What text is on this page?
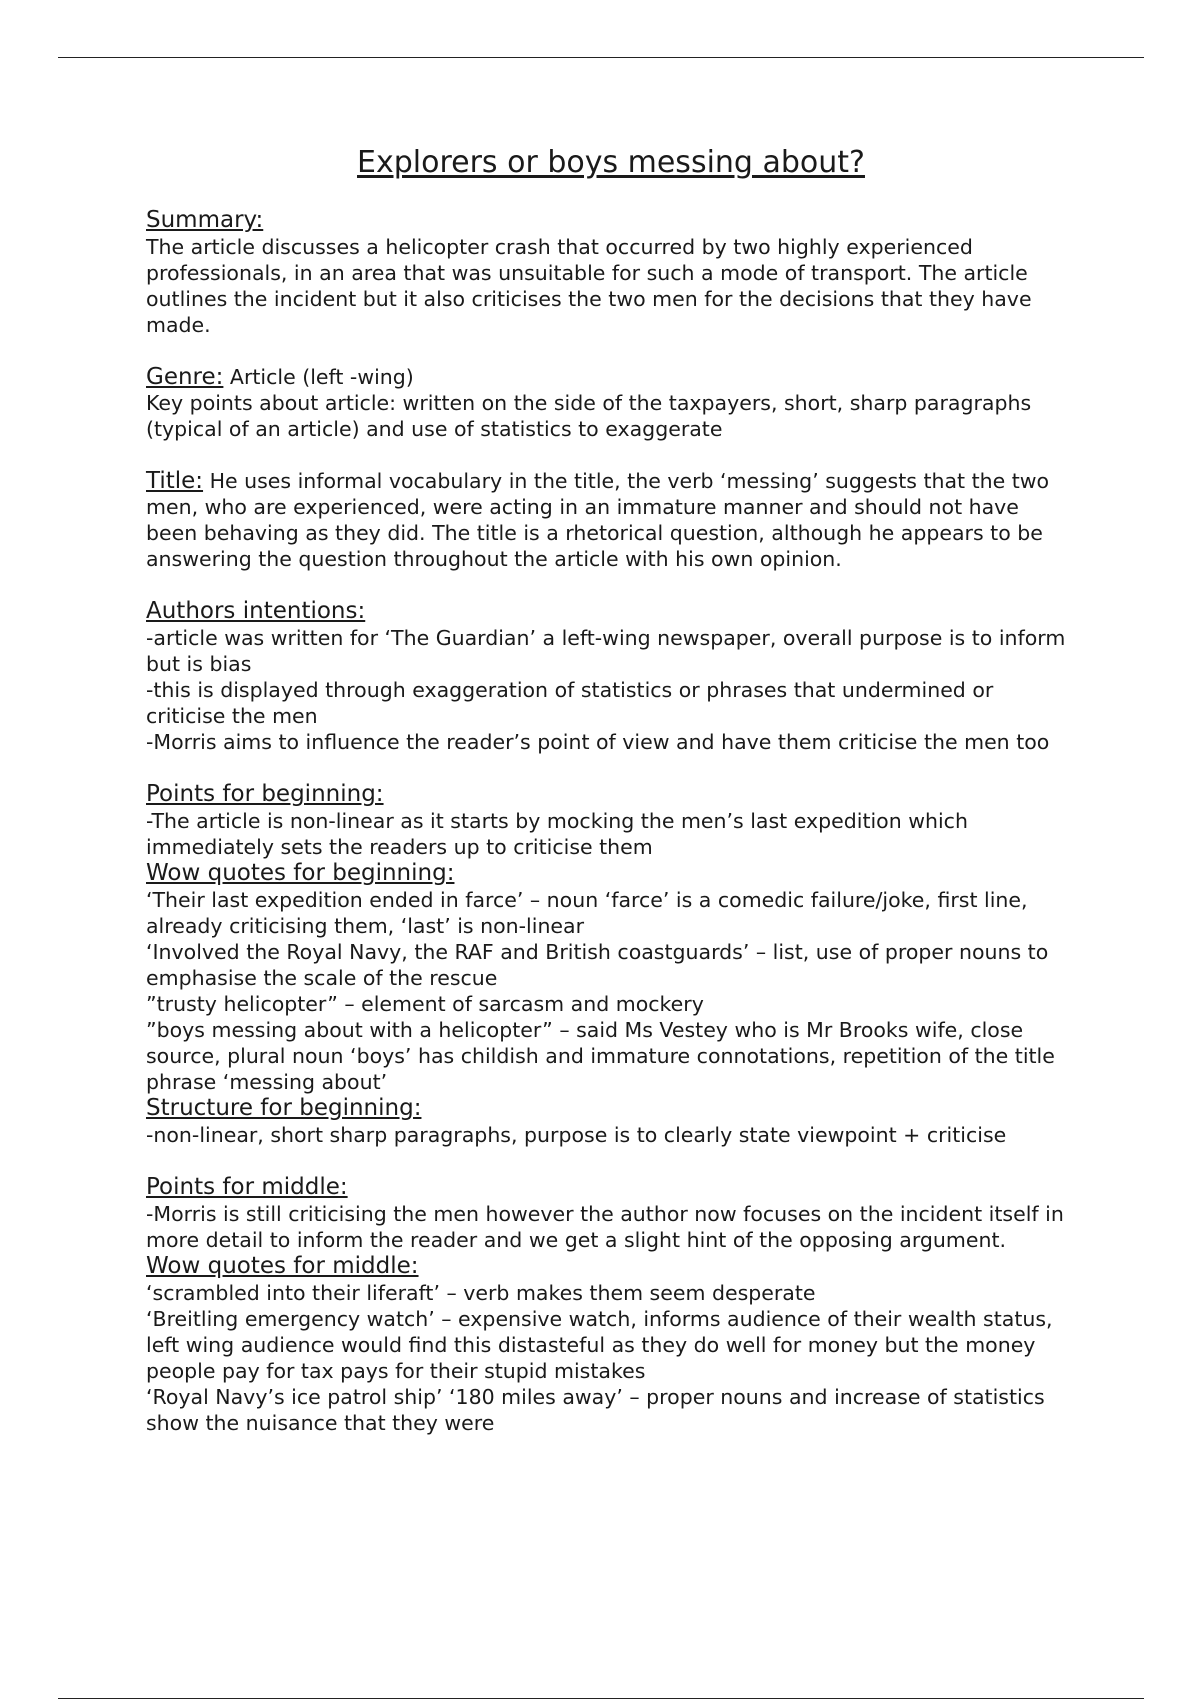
Explorers or boys messing about?
Summary:

The article discusses a helicopter crash that occurred by two highly experienced professionals, in an area that was unsuitable for such a mode of transport. The article outlines the incident but it also criticises the two men for the decisions that they have made.

Genre: Article (left -wing)

Key points about article: written on the side of the taxpayers, short, sharp paragraphs (typical of an article) and use of statistics to exaggerate

Title: He uses informal vocabulary in the title, the verb ‘messing’ suggests that the two men, who are experienced, were acting in an immature manner and should not have been behaving as they did. The title is a rhetorical question, although he appears to be answering the question throughout the article with his own opinion.

Authors intentions:

-article was written for ‘The Guardian’ a left-wing newspaper, overall purpose is to inform but is bias

-this is displayed through exaggeration of statistics or phrases that undermined or criticise the men

-Morris aims to influence the reader’s point of view and have them criticise the men too

Points for beginning:

-The article is non-linear as it starts by mocking the men’s last expedition which immediately sets the readers up to criticise them

Wow quotes for beginning:

‘Their last expedition ended in farce’ – noun ‘farce’ is a comedic failure/joke, first line, already criticising them, ‘last’ is non-linear

‘Involved the Royal Navy, the RAF and British coastguards’ – list, use of proper nouns to emphasise the scale of the rescue

”trusty helicopter” – element of sarcasm and mockery

”boys messing about with a helicopter” – said Ms Vestey who is Mr Brooks wife, close source, plural noun ‘boys’ has childish and immature connotations, repetition of the title phrase ‘messing about’

Structure for beginning:

-non-linear, short sharp paragraphs, purpose is to clearly state viewpoint + criticise

Points for middle:

-Morris is still criticising the men however the author now focuses on the incident itself in more detail to inform the reader and we get a slight hint of the opposing argument.

Wow quotes for middle:

‘scrambled into their liferaft’ – verb makes them seem desperate

‘Breitling emergency watch’ – expensive watch, informs audience of their wealth status, left wing audience would find this distasteful as they do well for money but the money people pay for tax pays for their stupid mistakes

‘Royal Navy’s ice patrol ship’ ‘180 miles away’ – proper nouns and increase of statistics show the nuisance that they were
